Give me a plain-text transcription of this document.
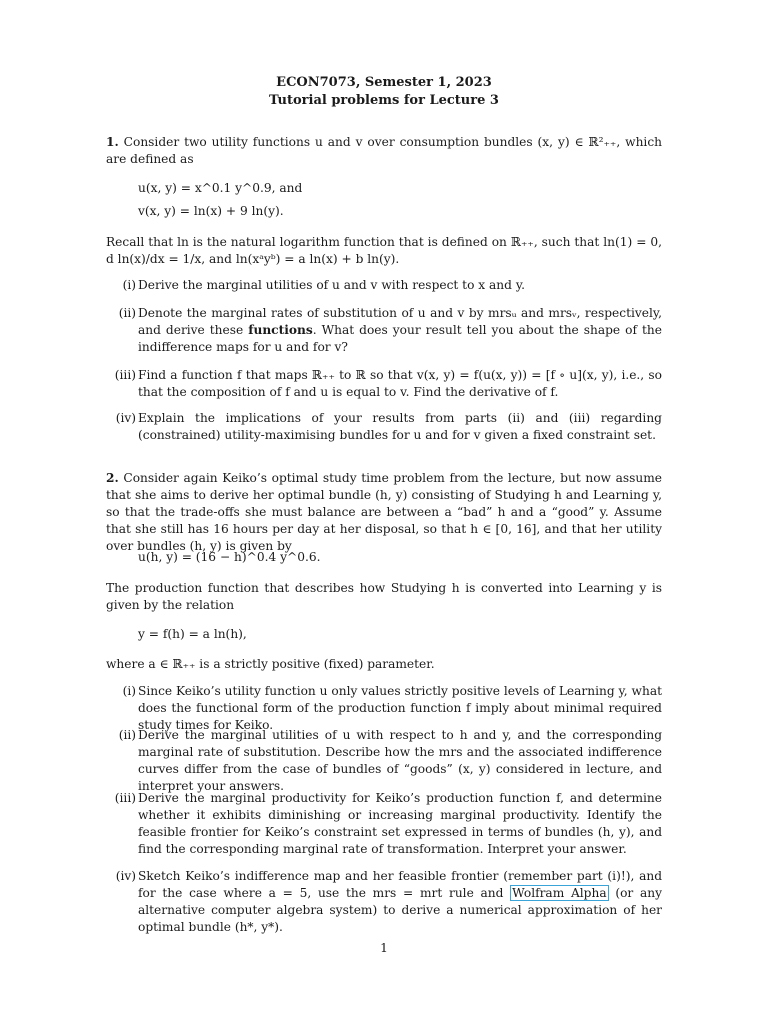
ECON7073, Semester 1, 2023
Tutorial problems for Lecture 3

1. Consider two utility functions u and v over consumption bundles (x, y) ∈ ℝ²₊₊, which are defined as

u(x, y) = x^0.1 y^0.9, and
v(x, y) = ln(x) + 9 ln(y).

Recall that ln is the natural logarithm function that is defined on ℝ₊₊, such that ln(1) = 0, d ln(x)/dx = 1/x, and ln(xᵃyᵇ) = a ln(x) + b ln(y).

(i) Derive the marginal utilities of u and v with respect to x and y.
(ii) Denote the marginal rates of substitution of u and v by mrsᵤ and mrsᵥ, respectively, and derive these functions. What does your result tell you about the shape of the indifference maps for u and for v?
(iii) Find a function f that maps ℝ₊₊ to ℝ so that v(x, y) = f(u(x, y)) = [f ∘ u](x, y), i.e., so that the composition of f and u is equal to v. Find the derivative of f.
(iv) Explain the implications of your results from parts (ii) and (iii) regarding (constrained) utility-maximising bundles for u and for v given a fixed constraint set.

2. Consider again Keiko’s optimal study time problem from the lecture, but now assume that she aims to derive her optimal bundle (h, y) consisting of Studying h and Learning y, so that the trade-offs she must balance are between a “bad” h and a “good” y. Assume that she still has 16 hours per day at her disposal, so that h ∈ [0, 16], and that her utility over bundles (h, y) is given by

u(h, y) = (16 − h)^0.4 y^0.6.

The production function that describes how Studying h is converted into Learning y is given by the relation

y = f(h) = a ln(h),

where a ∈ ℝ₊₊ is a strictly positive (fixed) parameter.

(i) Since Keiko’s utility function u only values strictly positive levels of Learning y, what does the functional form of the production function f imply about minimal required study times for Keiko.
(ii) Derive the marginal utilities of u with respect to h and y, and the corresponding marginal rate of substitution. Describe how the mrs and the associated indifference curves differ from the case of bundles of “goods” (x, y) considered in lecture, and interpret your answers.
(iii) Derive the marginal productivity for Keiko’s production function f, and determine whether it exhibits diminishing or increasing marginal productivity. Identify the feasible frontier for Keiko’s constraint set expressed in terms of bundles (h, y), and find the corresponding marginal rate of transformation. Interpret your answer.
(iv) Sketch Keiko’s indifference map and her feasible frontier (remember part (i)!), and for the case where a = 5, use the mrs = mrt rule and Wolfram Alpha (or any alternative computer algebra system) to derive a numerical approximation of her optimal bundle (h*, y*).
1
